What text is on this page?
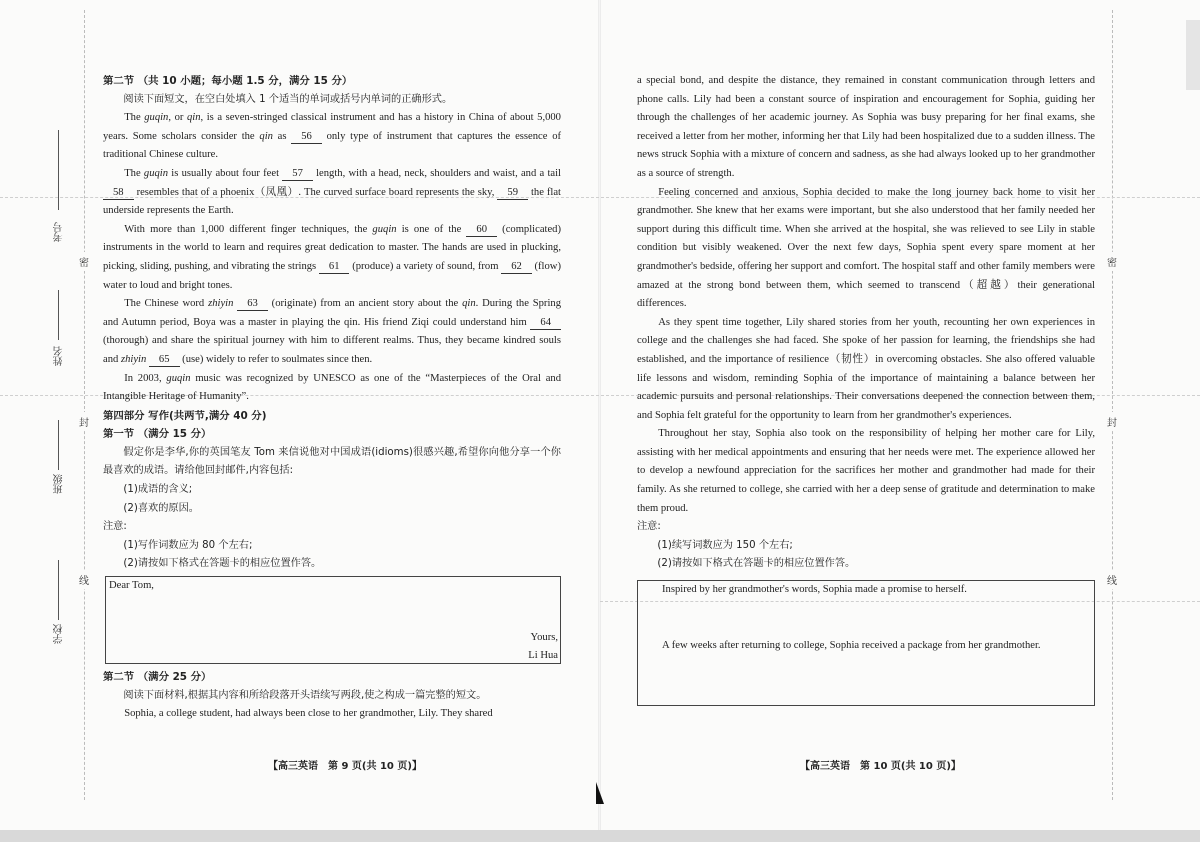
考号
姓名
班级
学校
密
封
线
密
封
线

第二节 （共 10 小题；每小题 1.5 分，满分 15 分）

阅读下面短文，在空白处填入 1 个适当的单词或括号内单词的正确形式。

The guqin, or qin, is a seven-stringed classical instrument and has a history in China of about 5,000 years. Some scholars consider the qin as 56 only type of instrument that captures the essence of traditional Chinese culture.

The guqin is usually about four feet 57 length, with a head, neck, shoulders and waist, and a tail 58 resembles that of a phoenix（凤凰）. The curved surface board represents the sky, 59 the flat underside represents the Earth.

With more than 1,000 different finger techniques, the guqin is one of the 60 (complicated) instruments in the world to learn and requires great dedication to master. The hands are used in plucking, picking, sliding, pushing, and vibrating the strings 61 (produce) a variety of sound, from 62 (flow) water to loud and bright tones.

The Chinese word zhiyin 63 (originate) from an ancient story about the qin. During the Spring and Autumn period, Boya was a master in playing the qin. His friend Ziqi could understand him 64 (thorough) and share the spiritual journey with him to different realms. Thus, they became kindred souls and zhiyin 65 (use) widely to refer to soulmates since then.

In 2003, guqin music was recognized by UNESCO as one of the “Masterpieces of the Oral and Intangible Heritage of Humanity”.

第四部分 写作(共两节,满分 40 分)

第一节 （满分 15 分）

假定你是李华,你的英国笔友 Tom 来信说他对中国成语(idioms)很感兴趣,希望你向他分享一个你最喜欢的成语。请给他回封邮件,内容包括:

(1)成语的含义;

(2)喜欢的原因。

注意:

(1)写作词数应为 80 个左右;

(2)请按如下格式在答题卡的相应位置作答。

Dear Tom,
Yours,
Li Hua

第二节 （满分 25 分）

阅读下面材料,根据其内容和所给段落开头语续写两段,使之构成一篇完整的短文。

Sophia, a college student, had always been close to her grandmother, Lily. They shared

【高三英语　第 9 页(共 10 页)】

a special bond, and despite the distance, they remained in constant communication through letters and phone calls. Lily had been a constant source of inspiration and encouragement for Sophia, guiding her through the challenges of her academic journey. As Sophia was busy preparing for her final exams, she received a letter from her mother, informing her that Lily had been hospitalized due to a sudden illness. The news struck Sophia with a mixture of concern and sadness, as she had always looked up to her grandmother as a source of strength.

Feeling concerned and anxious, Sophia decided to make the long journey back home to visit her grandmother. She knew that her exams were important, but she also understood that her family needed her support during this difficult time. When she arrived at the hospital, she was relieved to see Lily in stable condition but visibly weakened. Over the next few days, Sophia spent every spare moment at her grandmother's bedside, offering her support and comfort. The hospital staff and other family members were amazed at the strong bond between them, which seemed to transcend（超越）their generational differences.

As they spent time together, Lily shared stories from her youth, recounting her own experiences in college and the challenges she had faced. She spoke of her passion for learning, the friendships she had established, and the importance of resilience（韧性）in overcoming obstacles. She also offered valuable life lessons and wisdom, reminding Sophia of the importance of maintaining a balance between her academic pursuits and personal relationships. Their conversations deepened the connection between them, and Sophia felt grateful for the opportunity to learn from her grandmother's experiences.

Throughout her stay, Sophia also took on the responsibility of helping her mother care for Lily, assisting with her medical appointments and ensuring that her needs were met. The experience allowed her to develop a newfound appreciation for the sacrifices her mother and grandmother had made for their family. As she returned to college, she carried with her a deep sense of gratitude and determination to make them proud.

注意:

(1)续写词数应为 150 个左右;

(2)请按如下格式在答题卡的相应位置作答。

Inspired by her grandmother's words, Sophia made a promise to herself.
A few weeks after returning to college, Sophia received a package from her grandmother.
【高三英语　第 10 页(共 10 页)】
